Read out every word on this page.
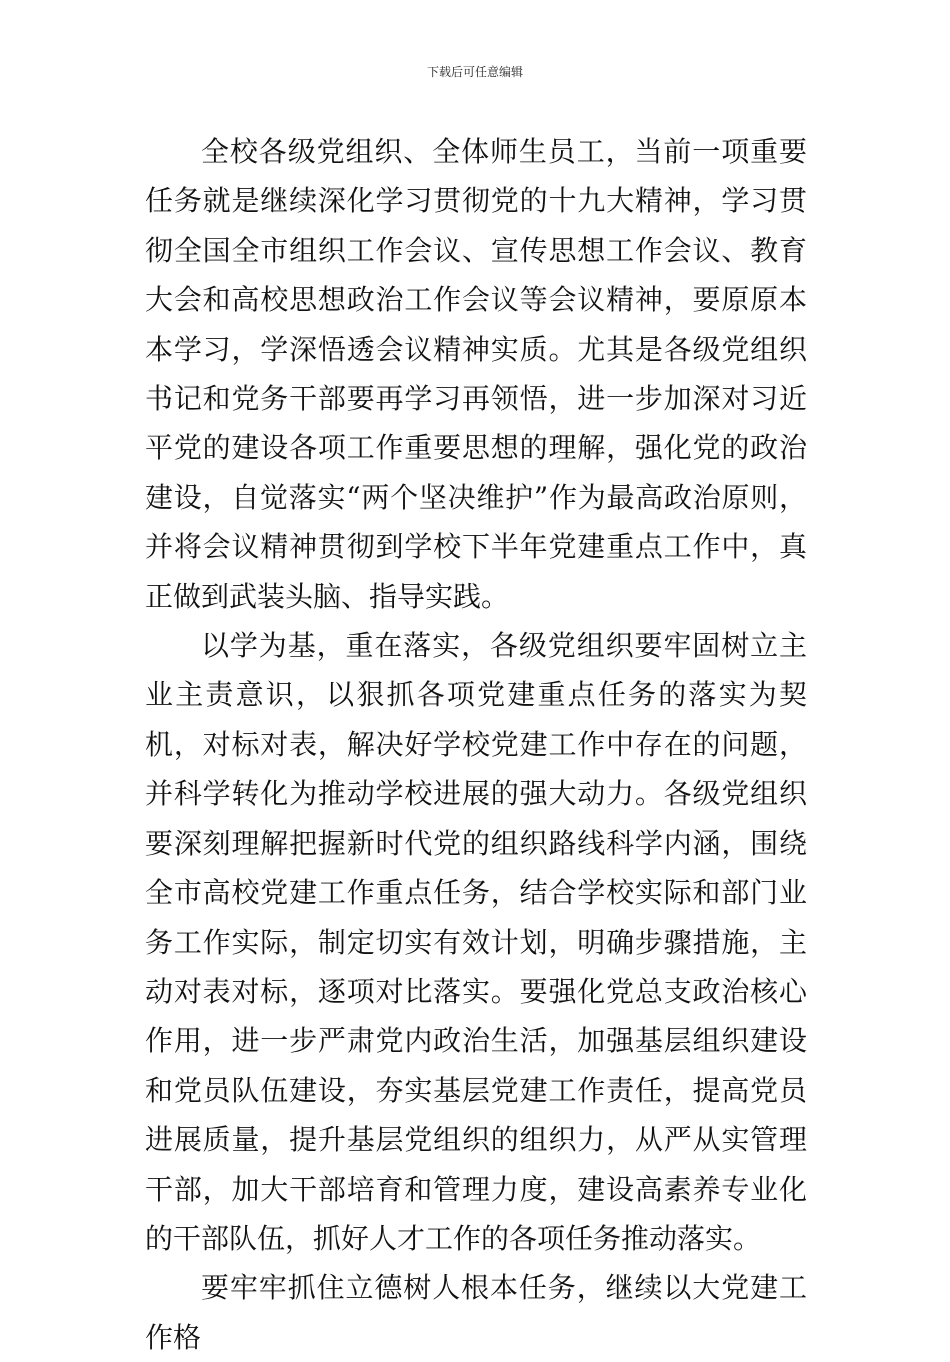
下载后可任意编辑

全校各级党组织、全体师生员工，当前一项重要任务就是继续深化学习贯彻党的十九大精神，学习贯彻全国全市组织工作会议、宣传思想工作会议、教育大会和高校思想政治工作会议等会议精神，要原原本本学习，学深悟透会议精神实质。尤其是各级党组织书记和党务干部要再学习再领悟，进一步加深对习近平党的建设各项工作重要思想的理解，强化党的政治建设，自觉落实“两个坚决维护”作为最高政治原则，并将会议精神贯彻到学校下半年党建重点工作中，真正做到武装头脑、指导实践。

以学为基，重在落实，各级党组织要牢固树立主业主责意识，以狠抓各项党建重点任务的落实为契机，对标对表，解决好学校党建工作中存在的问题，并科学转化为推动学校进展的强大动力。各级党组织要深刻理解把握新时代党的组织路线科学内涵，围绕全市高校党建工作重点任务，结合学校实际和部门业务工作实际，制定切实有效计划，明确步骤措施，主动对表对标，逐项对比落实。要强化党总支政治核心作用，进一步严肃党内政治生活，加强基层组织建设和党员队伍建设，夯实基层党建工作责任，提高党员进展质量，提升基层党组织的组织力，从严从实管理干部，加大干部培育和管理力度，建设高素养专业化的干部队伍，抓好人才工作的各项任务推动落实。

要牢牢抓住立德树人根本任务，继续以大党建工作格
